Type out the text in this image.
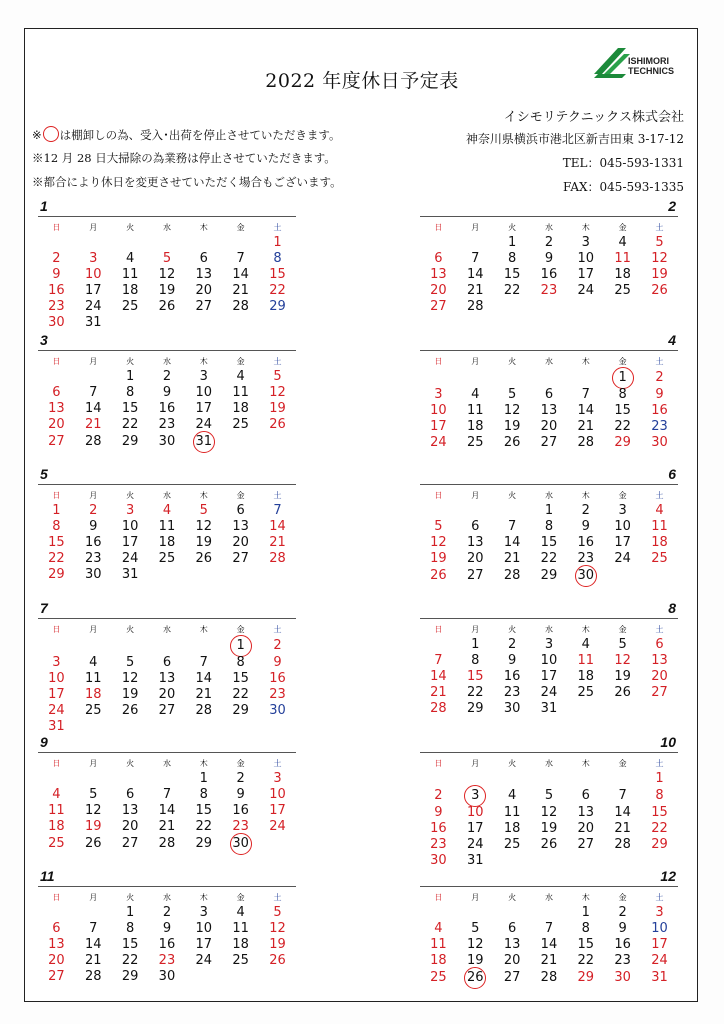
2022 年度休日予定表
ISHIMORI
TECHNICS
※ は棚卸しの為、受入･出荷を停止させていただきます。
※12 月 28 日大掃除の為業務は停止させていただきます。
※都合により休日を変更させていただく場合もございます。
イシモリテクニックス株式会社
神奈川県横浜市港北区新吉田東 3-17-12
TEL：045-593-1331
FAX：045-593-1335
1
日	月	火	水	木	金	土
						1
2	3	4	5	6	7	8
9	10	11	12	13	14	15
16	17	18	19	20	21	22
23	24	25	26	27	28	29
30	31					
2
日	月	火	水	木	金	土
		1	2	3	4	5
6	7	8	9	10	11	12
13	14	15	16	17	18	19
20	21	22	23	24	25	26
27	28					
3
日	月	火	水	木	金	土
		1	2	3	4	5
6	7	8	9	10	11	12
13	14	15	16	17	18	19
20	21	22	23	24	25	26
27	28	29	30	31		
4
日	月	火	水	木	金	土
					1	2
3	4	5	6	7	8	9
10	11	12	13	14	15	16
17	18	19	20	21	22	23
24	25	26	27	28	29	30
5
日	月	火	水	木	金	土
1	2	3	4	5	6	7
8	9	10	11	12	13	14
15	16	17	18	19	20	21
22	23	24	25	26	27	28
29	30	31				
6
日	月	火	水	木	金	土
			1	2	3	4
5	6	7	8	9	10	11
12	13	14	15	16	17	18
19	20	21	22	23	24	25
26	27	28	29	30		
7
日	月	火	水	木	金	土
					1	2
3	4	5	6	7	8	9
10	11	12	13	14	15	16
17	18	19	20	21	22	23
24	25	26	27	28	29	30
31						
8
日	月	火	水	木	金	土
	1	2	3	4	5	6
7	8	9	10	11	12	13
14	15	16	17	18	19	20
21	22	23	24	25	26	27
28	29	30	31			
9
日	月	火	水	木	金	土
				1	2	3
4	5	6	7	8	9	10
11	12	13	14	15	16	17
18	19	20	21	22	23	24
25	26	27	28	29	30	
10
日	月	火	水	木	金	土
						1
2	3	4	5	6	7	8
9	10	11	12	13	14	15
16	17	18	19	20	21	22
23	24	25	26	27	28	29
30	31					
11
日	月	火	水	木	金	土
		1	2	3	4	5
6	7	8	9	10	11	12
13	14	15	16	17	18	19
20	21	22	23	24	25	26
27	28	29	30			
12
日	月	火	水	木	金	土
				1	2	3
4	5	6	7	8	9	10
11	12	13	14	15	16	17
18	19	20	21	22	23	24
25	26	27	28	29	30	31
